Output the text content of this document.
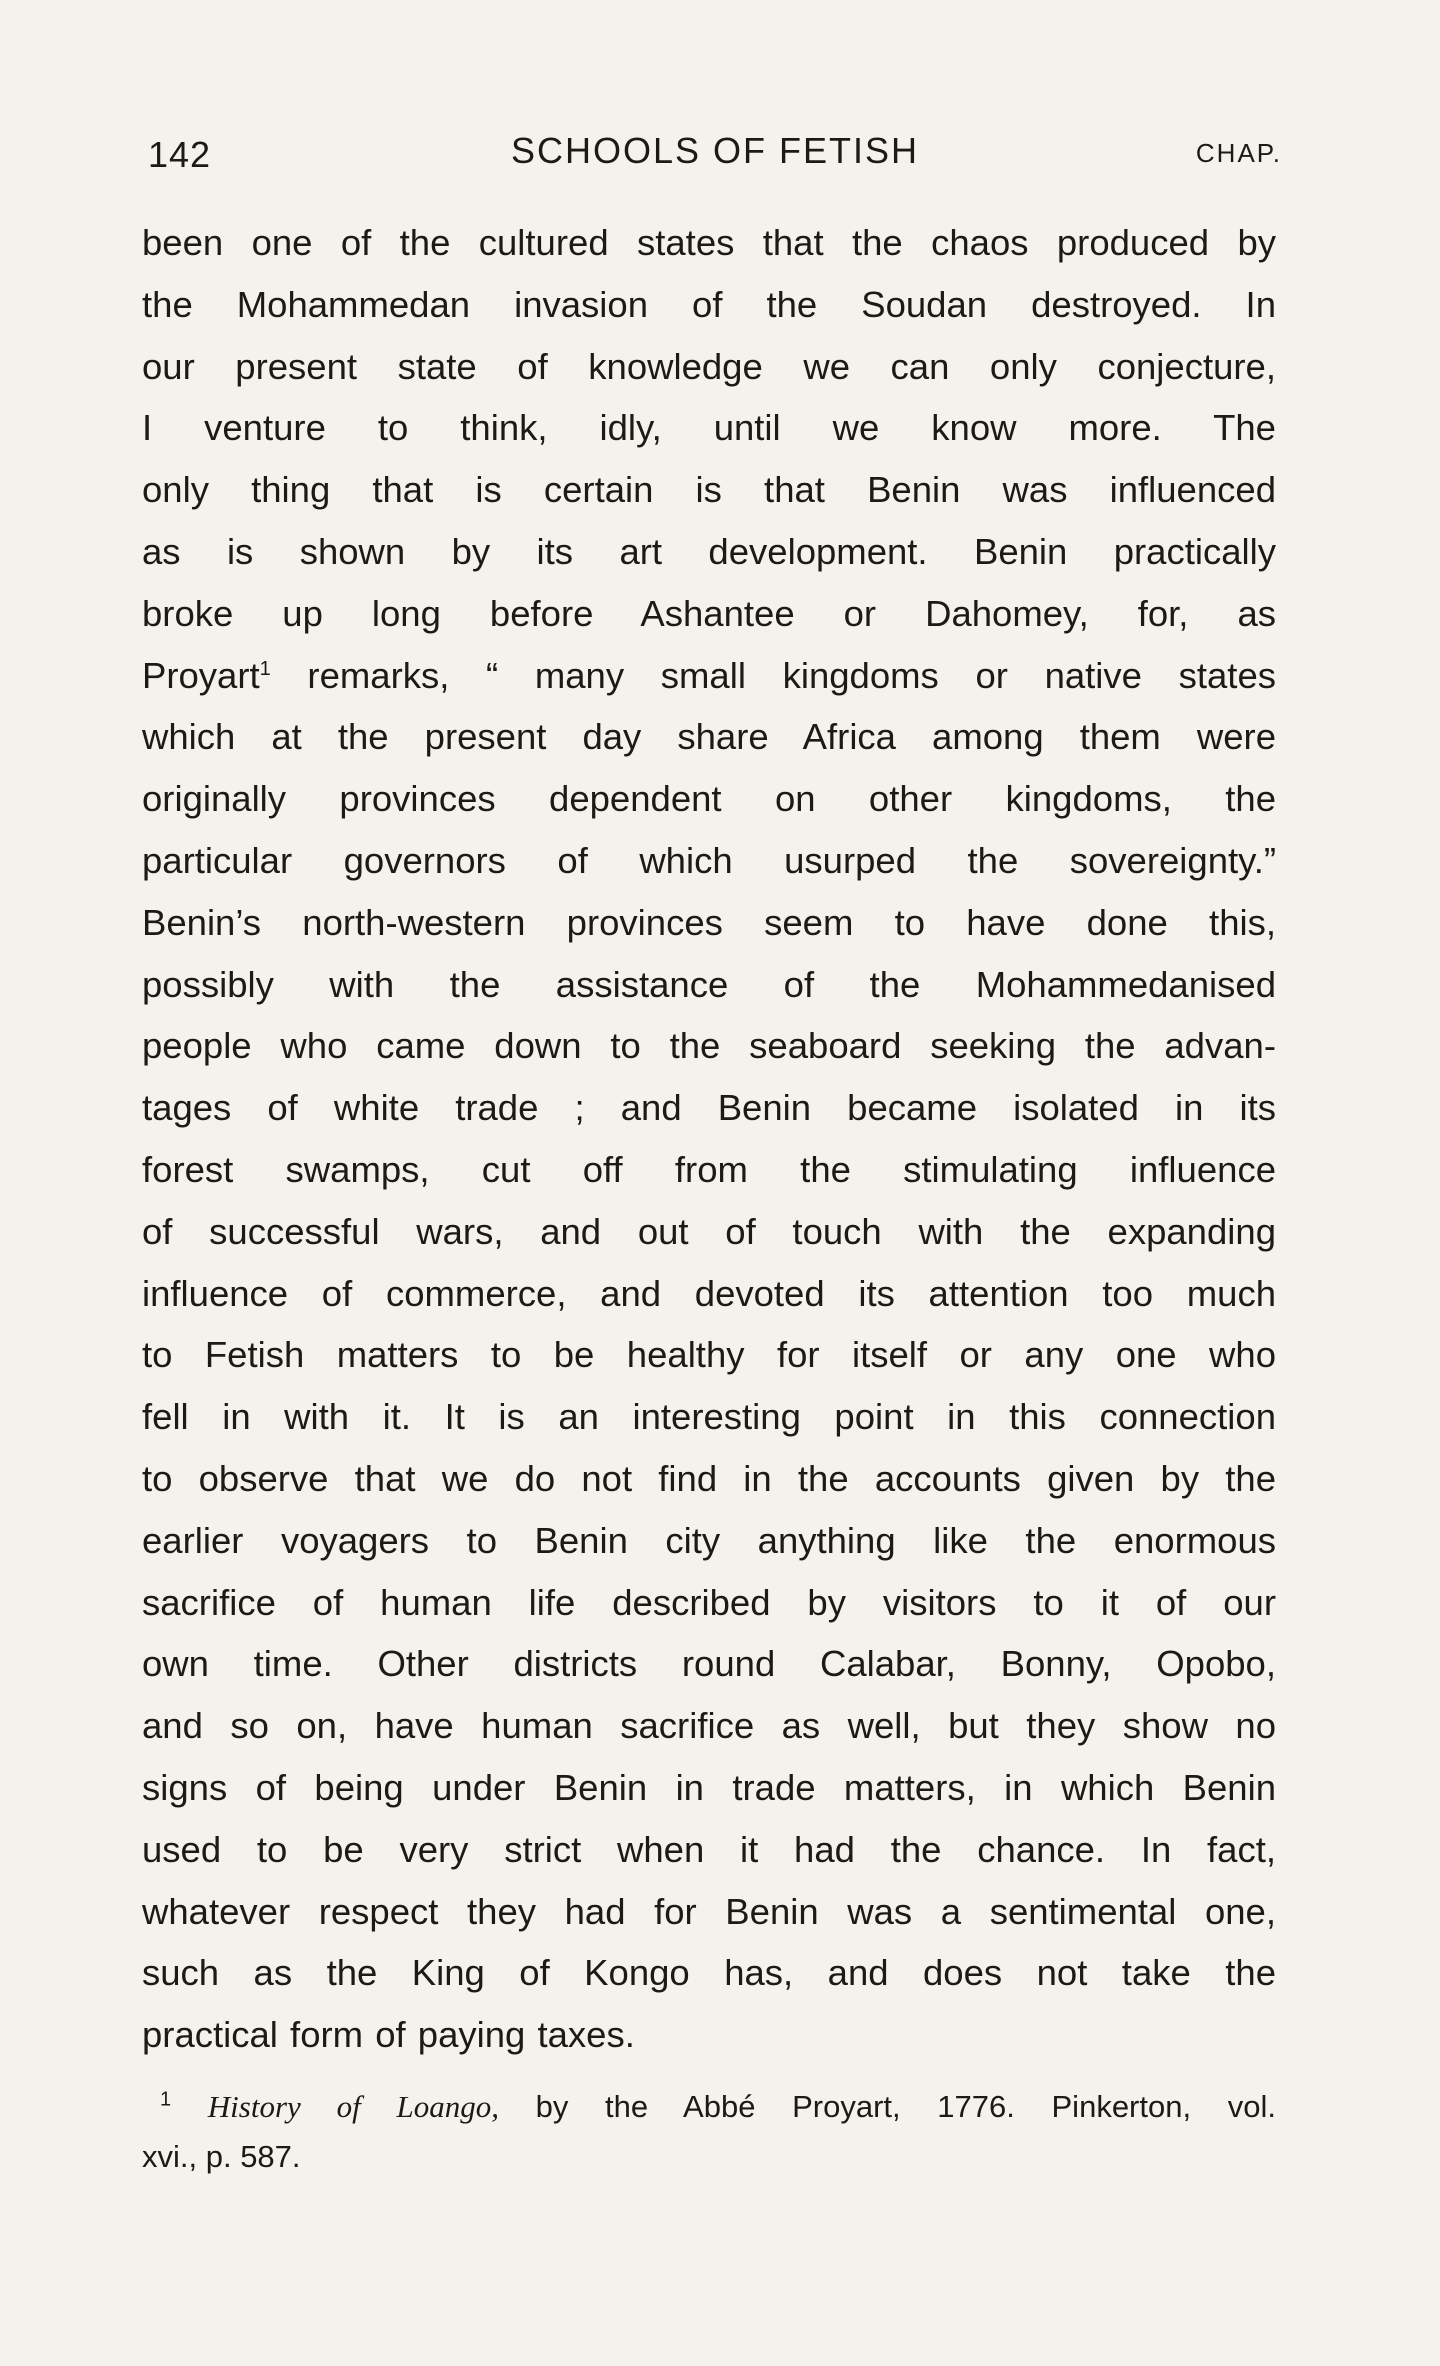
142	SCHOOLS OF FETISH	CHAP.
been one of the cultured states that the chaos produced by
the Mohammedan invasion of the Soudan destroyed. In
our present state of knowledge we can only conjecture,
I venture to think, idly, until we know more. The
only thing that is certain is that Benin was influenced
as is shown by its art development. Benin practically
broke up long before Ashantee or Dahomey, for, as
Proyart$^1$ remarks, “ many small kingdoms or native states
which at the present day share Africa among them were
originally provinces dependent on other kingdoms, the
particular governors of which usurped the sovereignty.”
Benin’s north-western provinces seem to have done this,
possibly with the assistance of the Mohammedanised
people who came down to the seaboard seeking the advan-
tages of white trade ; and Benin became isolated in its
forest swamps, cut off from the stimulating influence
of successful wars, and out of touch with the expanding
influence of commerce, and devoted its attention too much
to Fetish matters to be healthy for itself or any one who
fell in with it. It is an interesting point in this connection
to observe that we do not find in the accounts given by the
earlier voyagers to Benin city anything like the enormous
sacrifice of human life described by visitors to it of our
own time. Other districts round Calabar, Bonny, Opobo,
and so on, have human sacrifice as well, but they show no
signs of being under Benin in trade matters, in which Benin
used to be very strict when it had the chance. In fact,
whatever respect they had for Benin was a sentimental one,
such as the King of Kongo has, and does not take the
practical form of paying taxes.
$^1$ History of Loango, by the Abbé Proyart, 1776. Pinkerton, vol.
xvi., p. 587.
